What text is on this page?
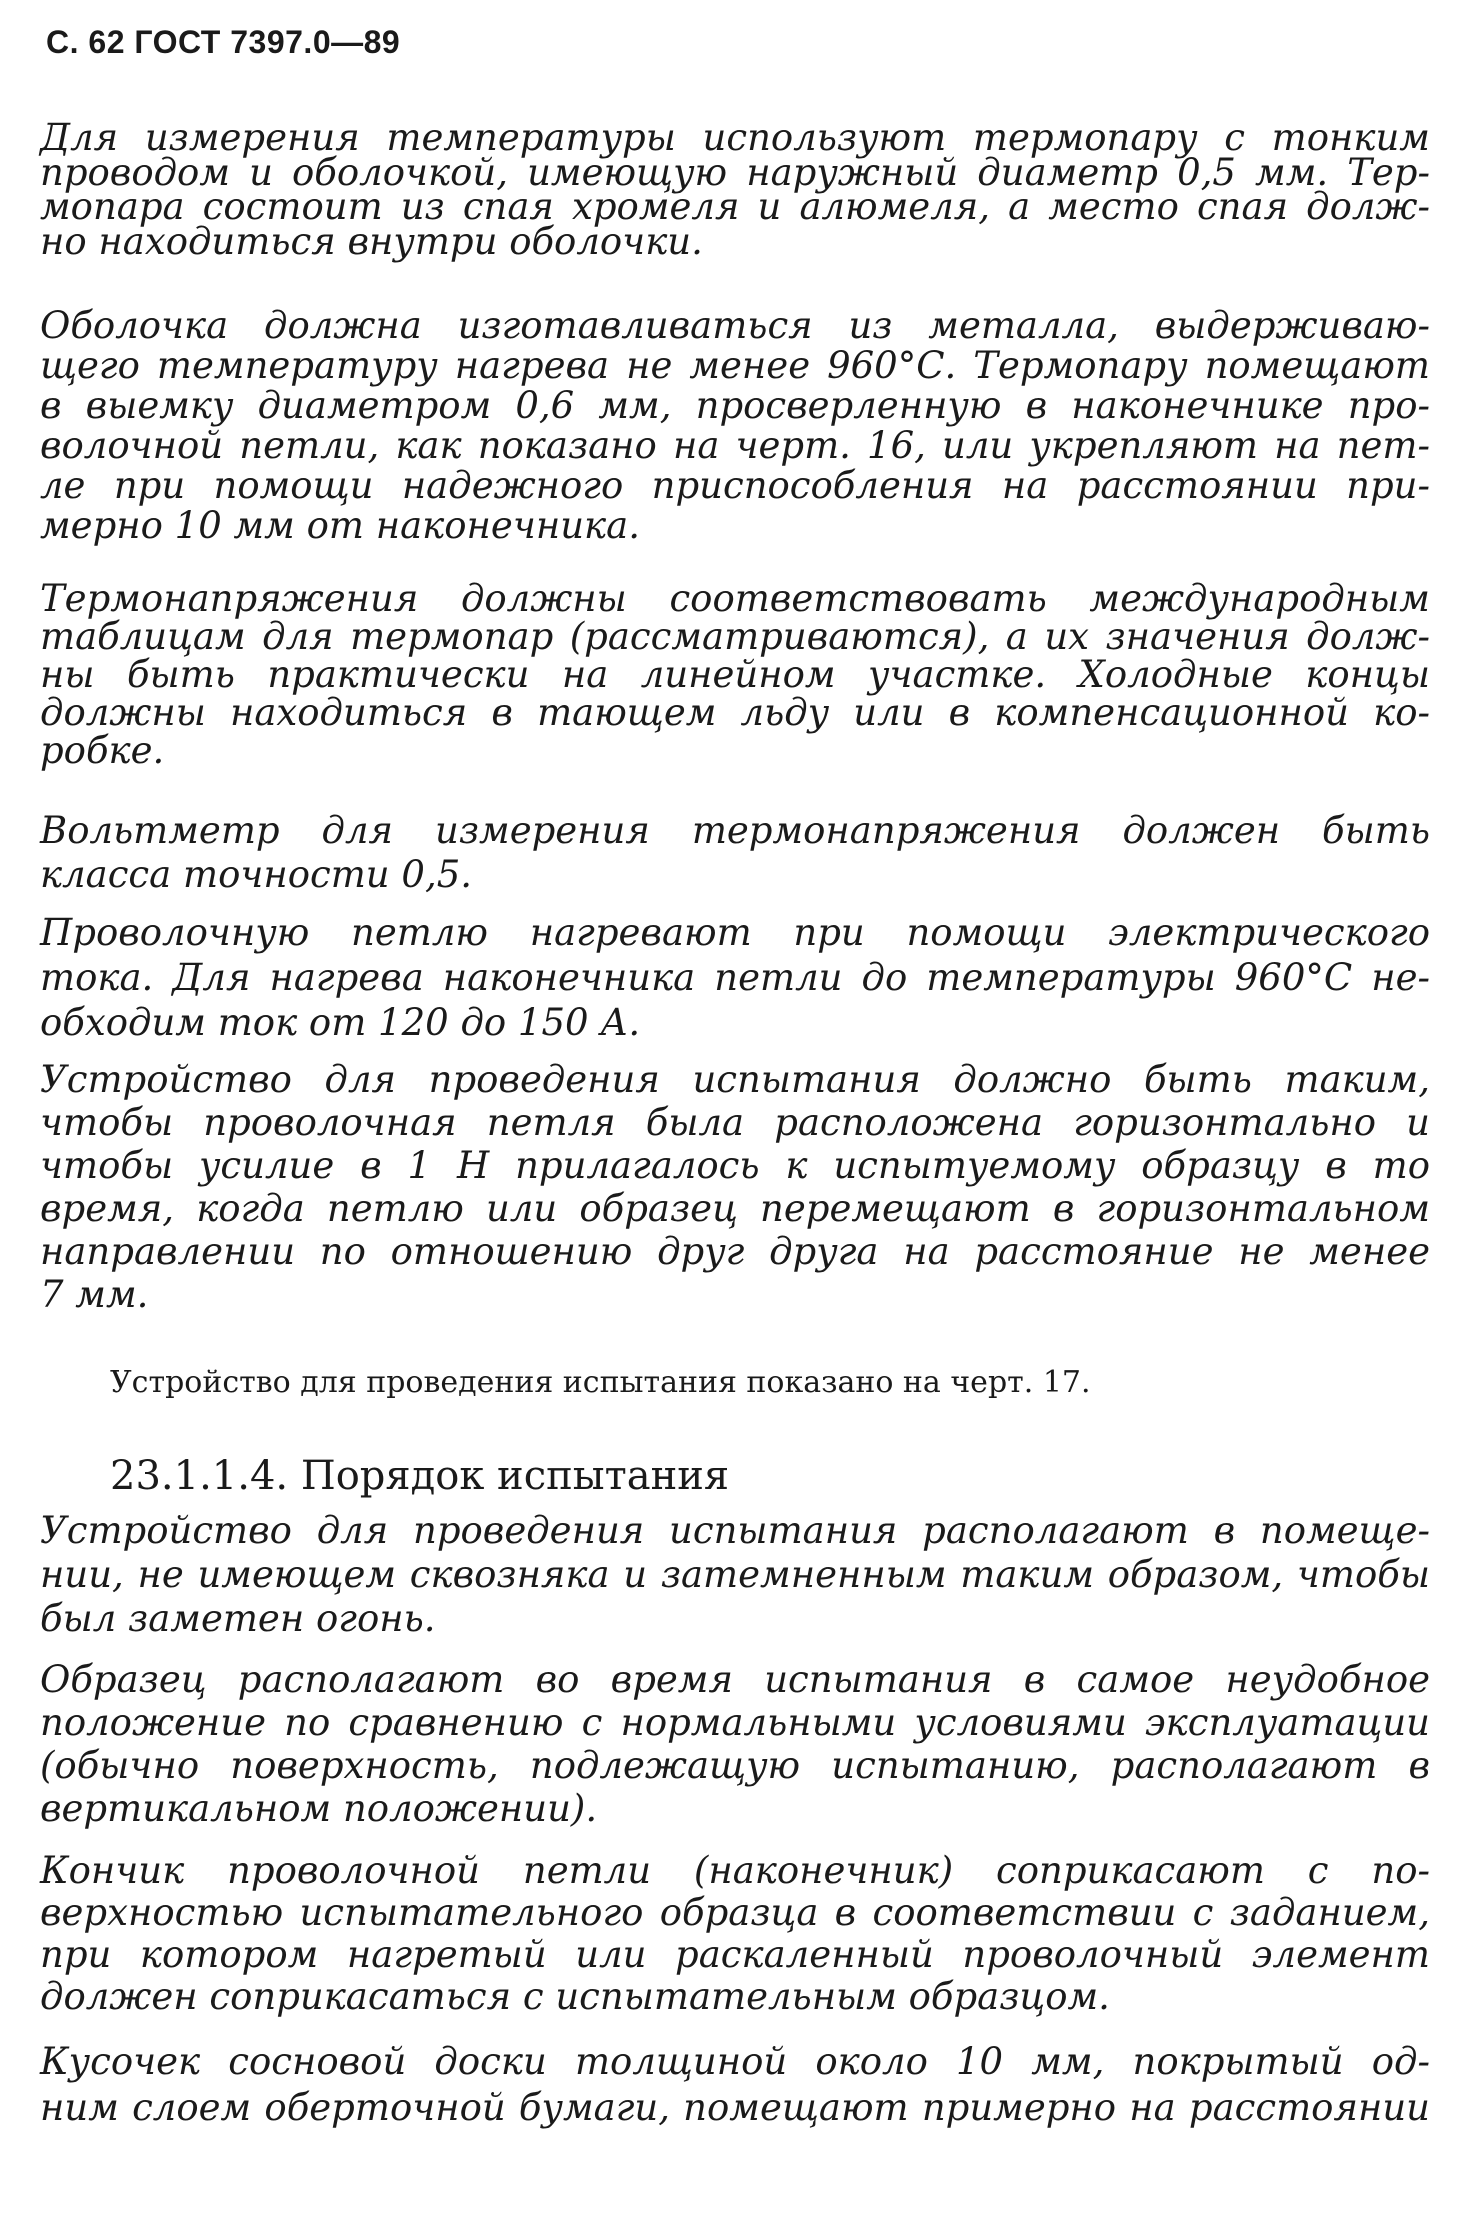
С. 62 ГОСТ 7397.0—89
Для измерения температуры используют термопару с тонким
проводом и оболочкой, имеющую наружный диаметр 0,5 мм. Тер-
мопара состоит из спая хромеля и алюмеля, а место спая долж-
но находиться внутри оболочки.
Оболочка должна изготавливаться из металла, выдерживаю-
щего температуру нагрева не менее 960°С. Термопару помещают
в выемку диаметром 0,6 мм, просверленную в наконечнике про-
волочной петли, как показано на черт. 16, или укрепляют на пет-
ле при помощи надежного приспособления на расстоянии при-
мерно 10 мм от наконечника.
Термонапряжения должны соответствовать международным
таблицам для термопар (рассматриваются), а их значения долж-
ны быть практически на линейном участке. Холодные концы
должны находиться в тающем льду или в компенсационной ко-
робке.
Вольтметр для измерения термонапряжения должен быть
класса точности 0,5.
Проволочную петлю нагревают при помощи электрического
тока. Для нагрева наконечника петли до температуры 960°С не-
обходим ток от 120 до 150 А.
Устройство для проведения испытания должно быть таким,
чтобы проволочная петля была расположена горизонтально и
чтобы усилие в 1 Н прилагалось к испытуемому образцу в то
время, когда петлю или образец перемещают в горизонтальном
направлении по отношению друг друга на расстояние не менее
7 мм.
Устройство для проведения испытания показано на черт. 17.
23.1.1.4. Порядок испытания
Устройство для проведения испытания располагают в помеще-
нии, не имеющем сквозняка и затемненным таким образом, чтобы
был заметен огонь.
Образец располагают во время испытания в самое неудобное
положение по сравнению с нормальными условиями эксплуатации
(обычно поверхность, подлежащую испытанию, располагают в
вертикальном положении).
Кончик проволочной петли (наконечник) соприкасают с по-
верхностью испытательного образца в соответствии с заданием,
при котором нагретый или раскаленный проволочный элемент
должен соприкасаться с испытательным образцом.
Кусочек сосновой доски толщиной около 10 мм, покрытый од-
ним слоем оберточной бумаги, помещают примерно на расстоянии
